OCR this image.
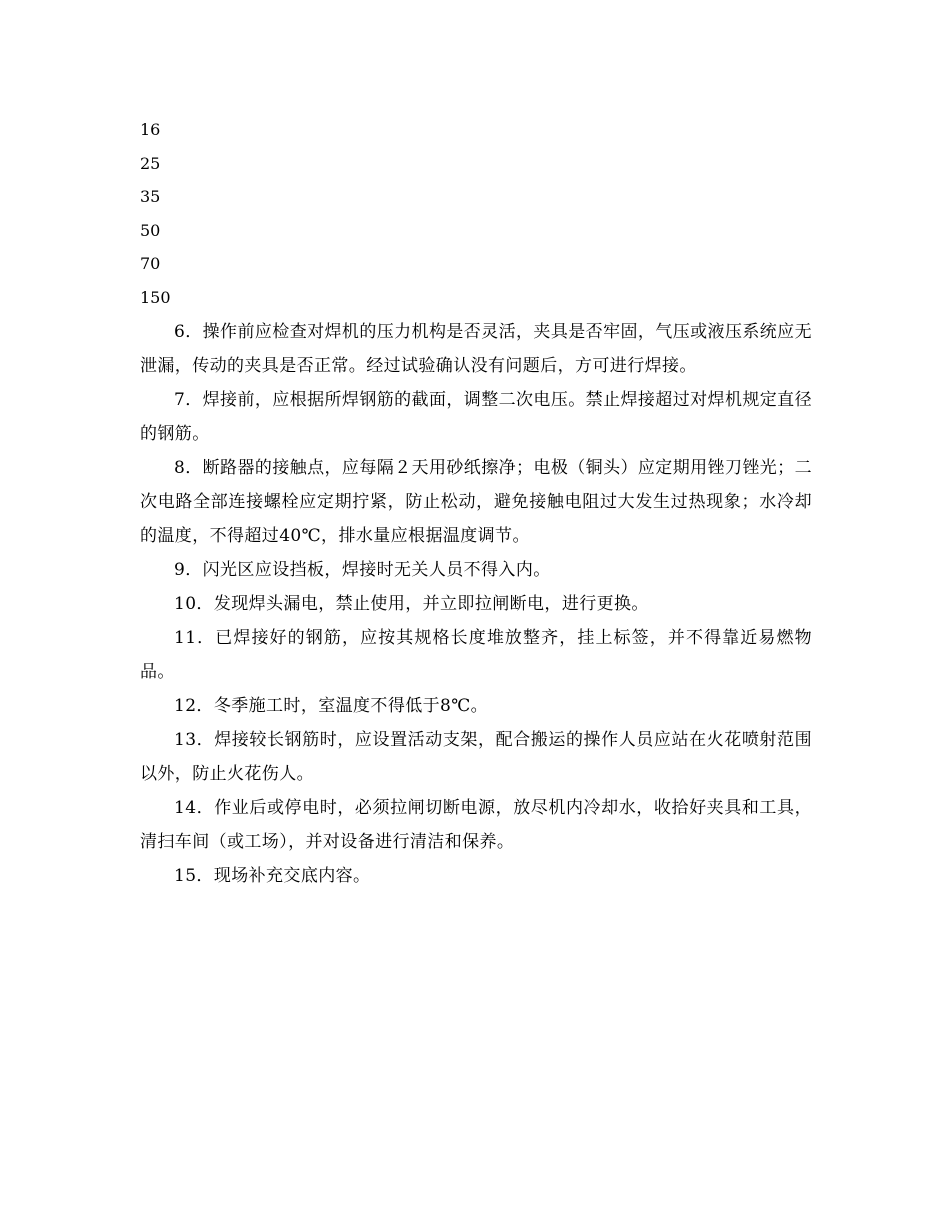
16

25

35

50

70

150

6．操作前应检查对焊机的压力机构是否灵活，夹具是否牢固，气压或液压系统应无泄漏，传动的夹具是否正常。经过试验确认没有问题后，方可进行焊接。

7．焊接前，应根据所焊钢筋的截面，调整二次电压。禁止焊接超过对焊机规定直径的钢筋。

8．断路器的接触点，应每隔２天用砂纸擦净；电极（铜头）应定期用锉刀锉光；二次电路全部连接螺栓应定期拧紧，防止松动，避免接触电阻过大发生过热现象；水冷却的温度，不得超过40℃，排水量应根据温度调节。

9．闪光区应设挡板，焊接时无关人员不得入内。

10．发现焊头漏电，禁止使用，并立即拉闸断电，进行更换。

11．已焊接好的钢筋，应按其规格长度堆放整齐，挂上标签，并不得靠近易燃物品。

12．冬季施工时，室温度不得低于8℃。

13．焊接较长钢筋时，应设置活动支架，配合搬运的操作人员应站在火花喷射范围以外，防止火花伤人。

14．作业后或停电时，必须拉闸切断电源，放尽机内冷却水，收拾好夹具和工具，清扫车间（或工场），并对设备进行清洁和保养。

15．现场补充交底内容。
